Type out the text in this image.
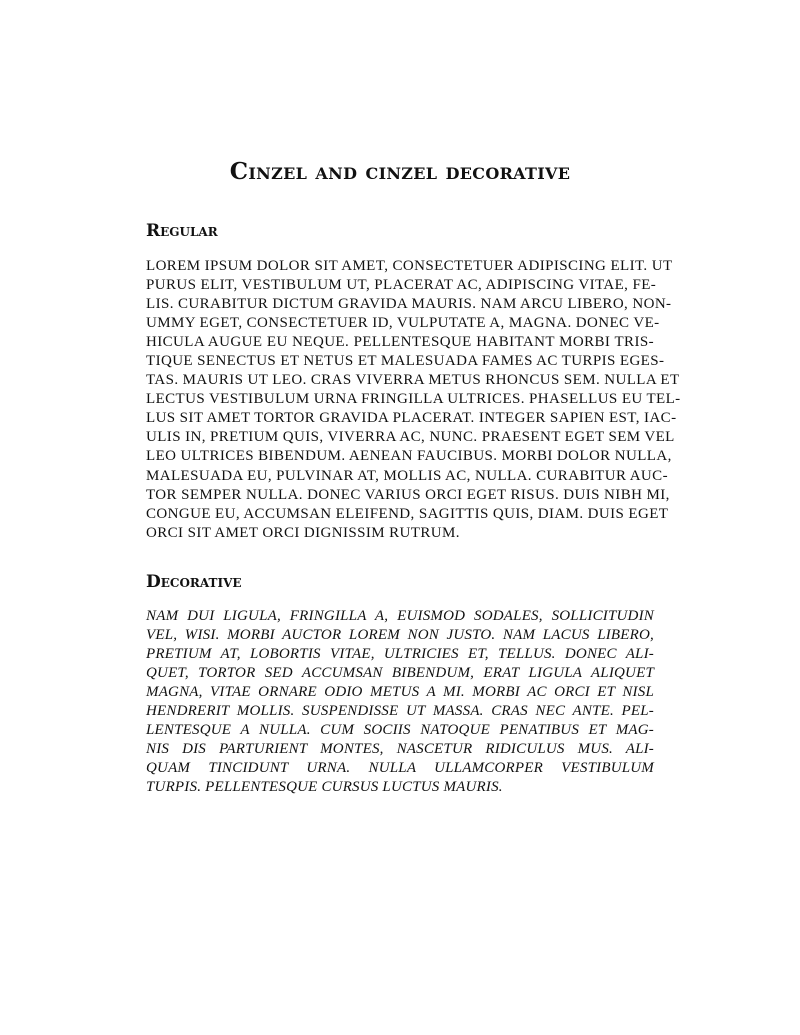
Cinzel and cinzel decorative
Regular

LOREM IPSUM DOLOR SIT AMET, CONSECTETUER ADIPISCING ELIT. UT
PURUS ELIT, VESTIBULUM UT, PLACERAT AC, ADIPISCING VITAE, FE-
LIS. CURABITUR DICTUM GRAVIDA MAURIS. NAM ARCU LIBERO, NON-
UMMY EGET, CONSECTETUER ID, VULPUTATE A, MAGNA. DONEC VE-
HICULA AUGUE EU NEQUE. PELLENTESQUE HABITANT MORBI TRIS-
TIQUE SENECTUS ET NETUS ET MALESUADA FAMES AC TURPIS EGES-
TAS. MAURIS UT LEO. CRAS VIVERRA METUS RHONCUS SEM. NULLA ET
LECTUS VESTIBULUM URNA FRINGILLA ULTRICES. PHASELLUS EU TEL-
LUS SIT AMET TORTOR GRAVIDA PLACERAT. INTEGER SAPIEN EST, IAC-
ULIS IN, PRETIUM QUIS, VIVERRA AC, NUNC. PRAESENT EGET SEM VEL
LEO ULTRICES BIBENDUM. AENEAN FAUCIBUS. MORBI DOLOR NULLA,
MALESUADA EU, PULVINAR AT, MOLLIS AC, NULLA. CURABITUR AUC-
TOR SEMPER NULLA. DONEC VARIUS ORCI EGET RISUS. DUIS NIBH MI,
CONGUE EU, ACCUMSAN ELEIFEND, SAGITTIS QUIS, DIAM. DUIS EGET
ORCI SIT AMET ORCI DIGNISSIM RUTRUM.

Decorative

NAM DUI LIGULA, FRINGILLA A, EUISMOD SODALES, SOLLICITUDIN
VEL, WISI. MORBI AUCTOR LOREM NON JUSTO. NAM LACUS LIBERO,
PRETIUM AT, LOBORTIS VITAE, ULTRICIES ET, TELLUS. DONEC ALI-
QUET, TORTOR SED ACCUMSAN BIBENDUM, ERAT LIGULA ALIQUET
MAGNA, VITAE ORNARE ODIO METUS A MI. MORBI AC ORCI ET NISL
HENDRERIT MOLLIS. SUSPENDISSE UT MASSA. CRAS NEC ANTE. PEL-
LENTESQUE A NULLA. CUM SOCIIS NATOQUE PENATIBUS ET MAG-
NIS DIS PARTURIENT MONTES, NASCETUR RIDICULUS MUS. ALI-
QUAM TINCIDUNT URNA. NULLA ULLAMCORPER VESTIBULUM
TURPIS. PELLENTESQUE CURSUS LUCTUS MAURIS.
